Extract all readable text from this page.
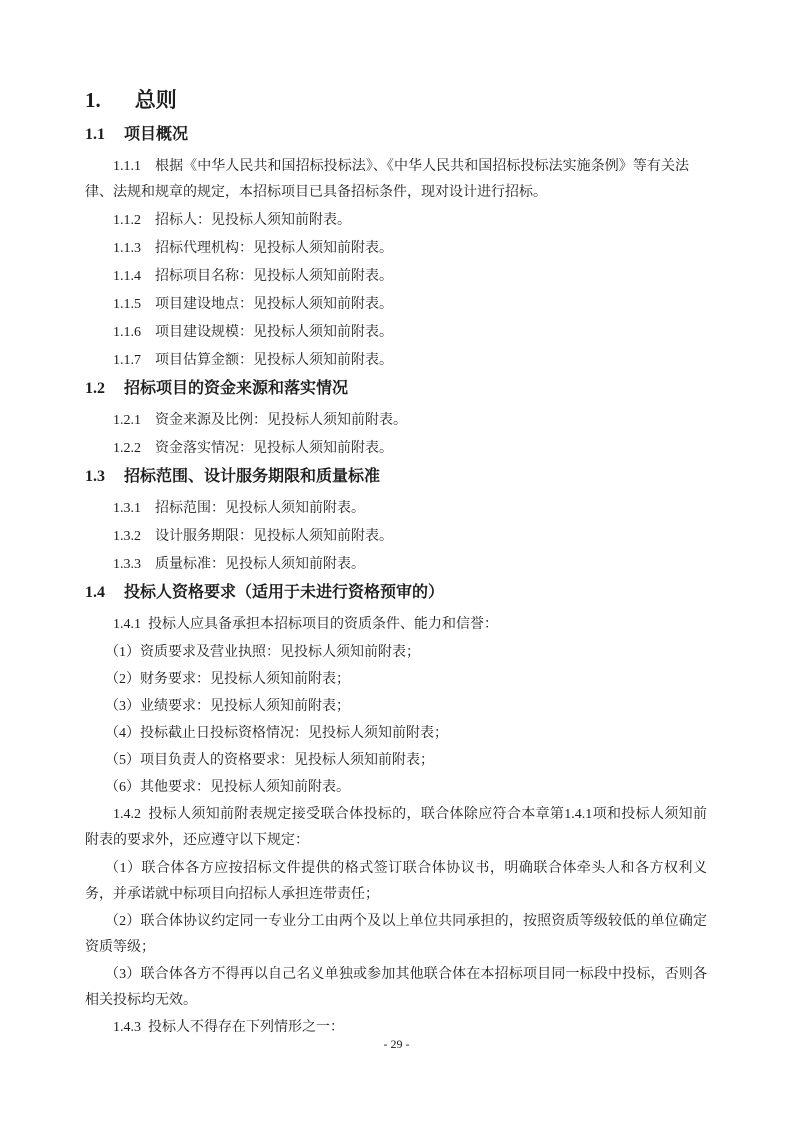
1. 总则
1.1 项目概况

1.1.1 根据《中华人民共和国招标投标法》、《中华人民共和国招标投标法实施条例》等有关法律、法规和规章的规定，本招标项目已具备招标条件，现对设计进行招标。

1.1.2 招标人：见投标人须知前附表。

1.1.3 招标代理机构：见投标人须知前附表。

1.1.4 招标项目名称：见投标人须知前附表。

1.1.5 项目建设地点：见投标人须知前附表。

1.1.6 项目建设规模：见投标人须知前附表。

1.1.7 项目估算金额：见投标人须知前附表。

1.2 招标项目的资金来源和落实情况

1.2.1 资金来源及比例：见投标人须知前附表。

1.2.2 资金落实情况：见投标人须知前附表。

1.3 招标范围、设计服务期限和质量标准

1.3.1 招标范围：见投标人须知前附表。

1.3.2 设计服务期限：见投标人须知前附表。

1.3.3 质量标准：见投标人须知前附表。

1.4 投标人资格要求（适用于未进行资格预审的）

1.4.1 投标人应具备承担本招标项目的资质条件、能力和信誉：

（1）资质要求及营业执照：见投标人须知前附表；

（2）财务要求：见投标人须知前附表；

（3）业绩要求：见投标人须知前附表；

（4）投标截止日投标资格情况：见投标人须知前附表；

（5）项目负责人的资格要求：见投标人须知前附表；

（6）其他要求：见投标人须知前附表。

1.4.2 投标人须知前附表规定接受联合体投标的，联合体除应符合本章第1.4.1项和投标人须知前附表的要求外，还应遵守以下规定：

（1）联合体各方应按招标文件提供的格式签订联合体协议书，明确联合体牵头人和各方权利义务，并承诺就中标项目向招标人承担连带责任；

（2）联合体协议约定同一专业分工由两个及以上单位共同承担的，按照资质等级较低的单位确定资质等级；

（3）联合体各方不得再以自己名义单独或参加其他联合体在本招标项目同一标段中投标，否则各相关投标均无效。

1.4.3 投标人不得存在下列情形之一：

- 29 -
